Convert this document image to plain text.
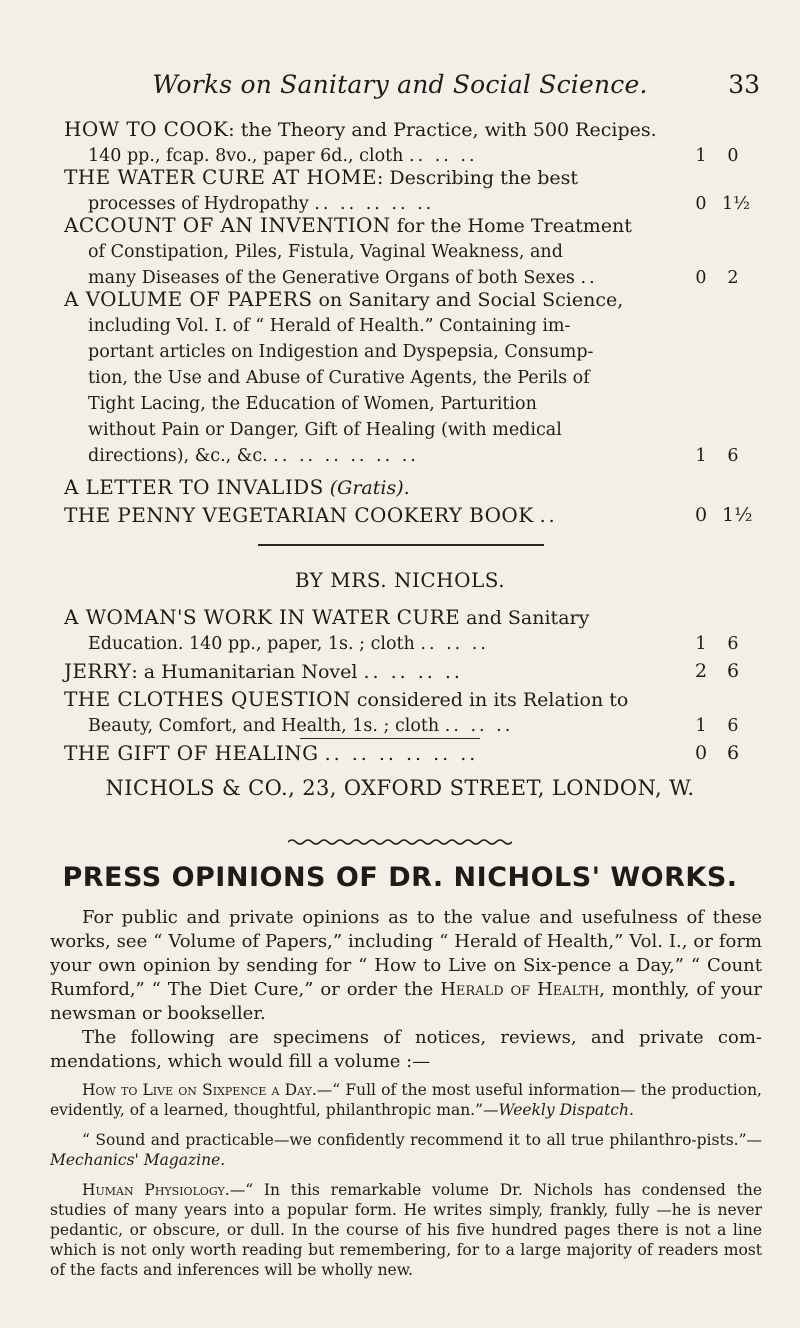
Works on Sanitary and Social Science.	33
HOW TO COOK: the Theory and Practice, with 500 Recipes.
140 pp., fcap. 8vo., paper 6d., cloth .. .. ..	1	0
THE WATER CURE AT HOME: Describing the best
processes of Hydropathy .. .. .. .. ..	0 1½
ACCOUNT OF AN INVENTION for the Home Treatment
of Constipation, Piles, Fistula, Vaginal Weakness, and
many Diseases of the Generative Organs of both Sexes ..	0	2
A VOLUME OF PAPERS on Sanitary and Social Science,
including Vol. I. of “ Herald of Health.” Containing im-
portant articles on Indigestion and Dyspepsia, Consump-
tion, the Use and Abuse of Curative Agents, the Perils of
Tight Lacing, the Education of Women, Parturition
without Pain or Danger, Gift of Healing (with medical
directions), &c., &c. .. .. .. .. .. ..	1	6
A LETTER TO INVALIDS (Gratis).
THE PENNY VEGETARIAN COOKERY BOOK ..	0 1½
BY MRS. NICHOLS.
A WOMAN'S WORK IN WATER CURE and Sanitary
Education. 140 pp., paper, 1s. ; cloth .. .. ..	1	6
JERRY: a Humanitarian Novel .. .. .. ..	2 6
THE CLOTHES QUESTION considered in its Relation to
Beauty, Comfort, and Health, 1s. ; cloth .. .. ..	1	6
THE GIFT OF HEALING .. .. .. .. .. ..	0 6
PRESS OPINIONS OF DR. NICHOLS' WORKS.
For public and private opinions as to the value and usefulness of these works, see “ Volume of Papers,” including “ Herald of Health,” Vol. I., or form your own opinion by sending for “ How to Live on Six-pence a Day,” “ Count Rumford,” “ The Diet Cure,” or order the Herald of Health, monthly, of your newsman or bookseller.
The following are specimens of notices, reviews, and private com-mendations, which would fill a volume :—
How to Live on Sixpence a Day.—“ Full of the most useful information— the production, evidently, of a learned, thoughtful, philanthropic man.”—Weekly Dispatch.
“ Sound and practicable—we confidently recommend it to all true philanthro-pists.”—Mechanics' Magazine.
Human Physiology.—“ In this remarkable volume Dr. Nichols has condensed the studies of many years into a popular form. He writes simply, frankly, fully —he is never pedantic, or obscure, or dull. In the course of his five hundred pages there is not a line which is not only worth reading but remembering, for to a large majority of readers most of the facts and inferences will be wholly new.
NICHOLS & CO., 23, OXFORD STREET, LONDON, W.
